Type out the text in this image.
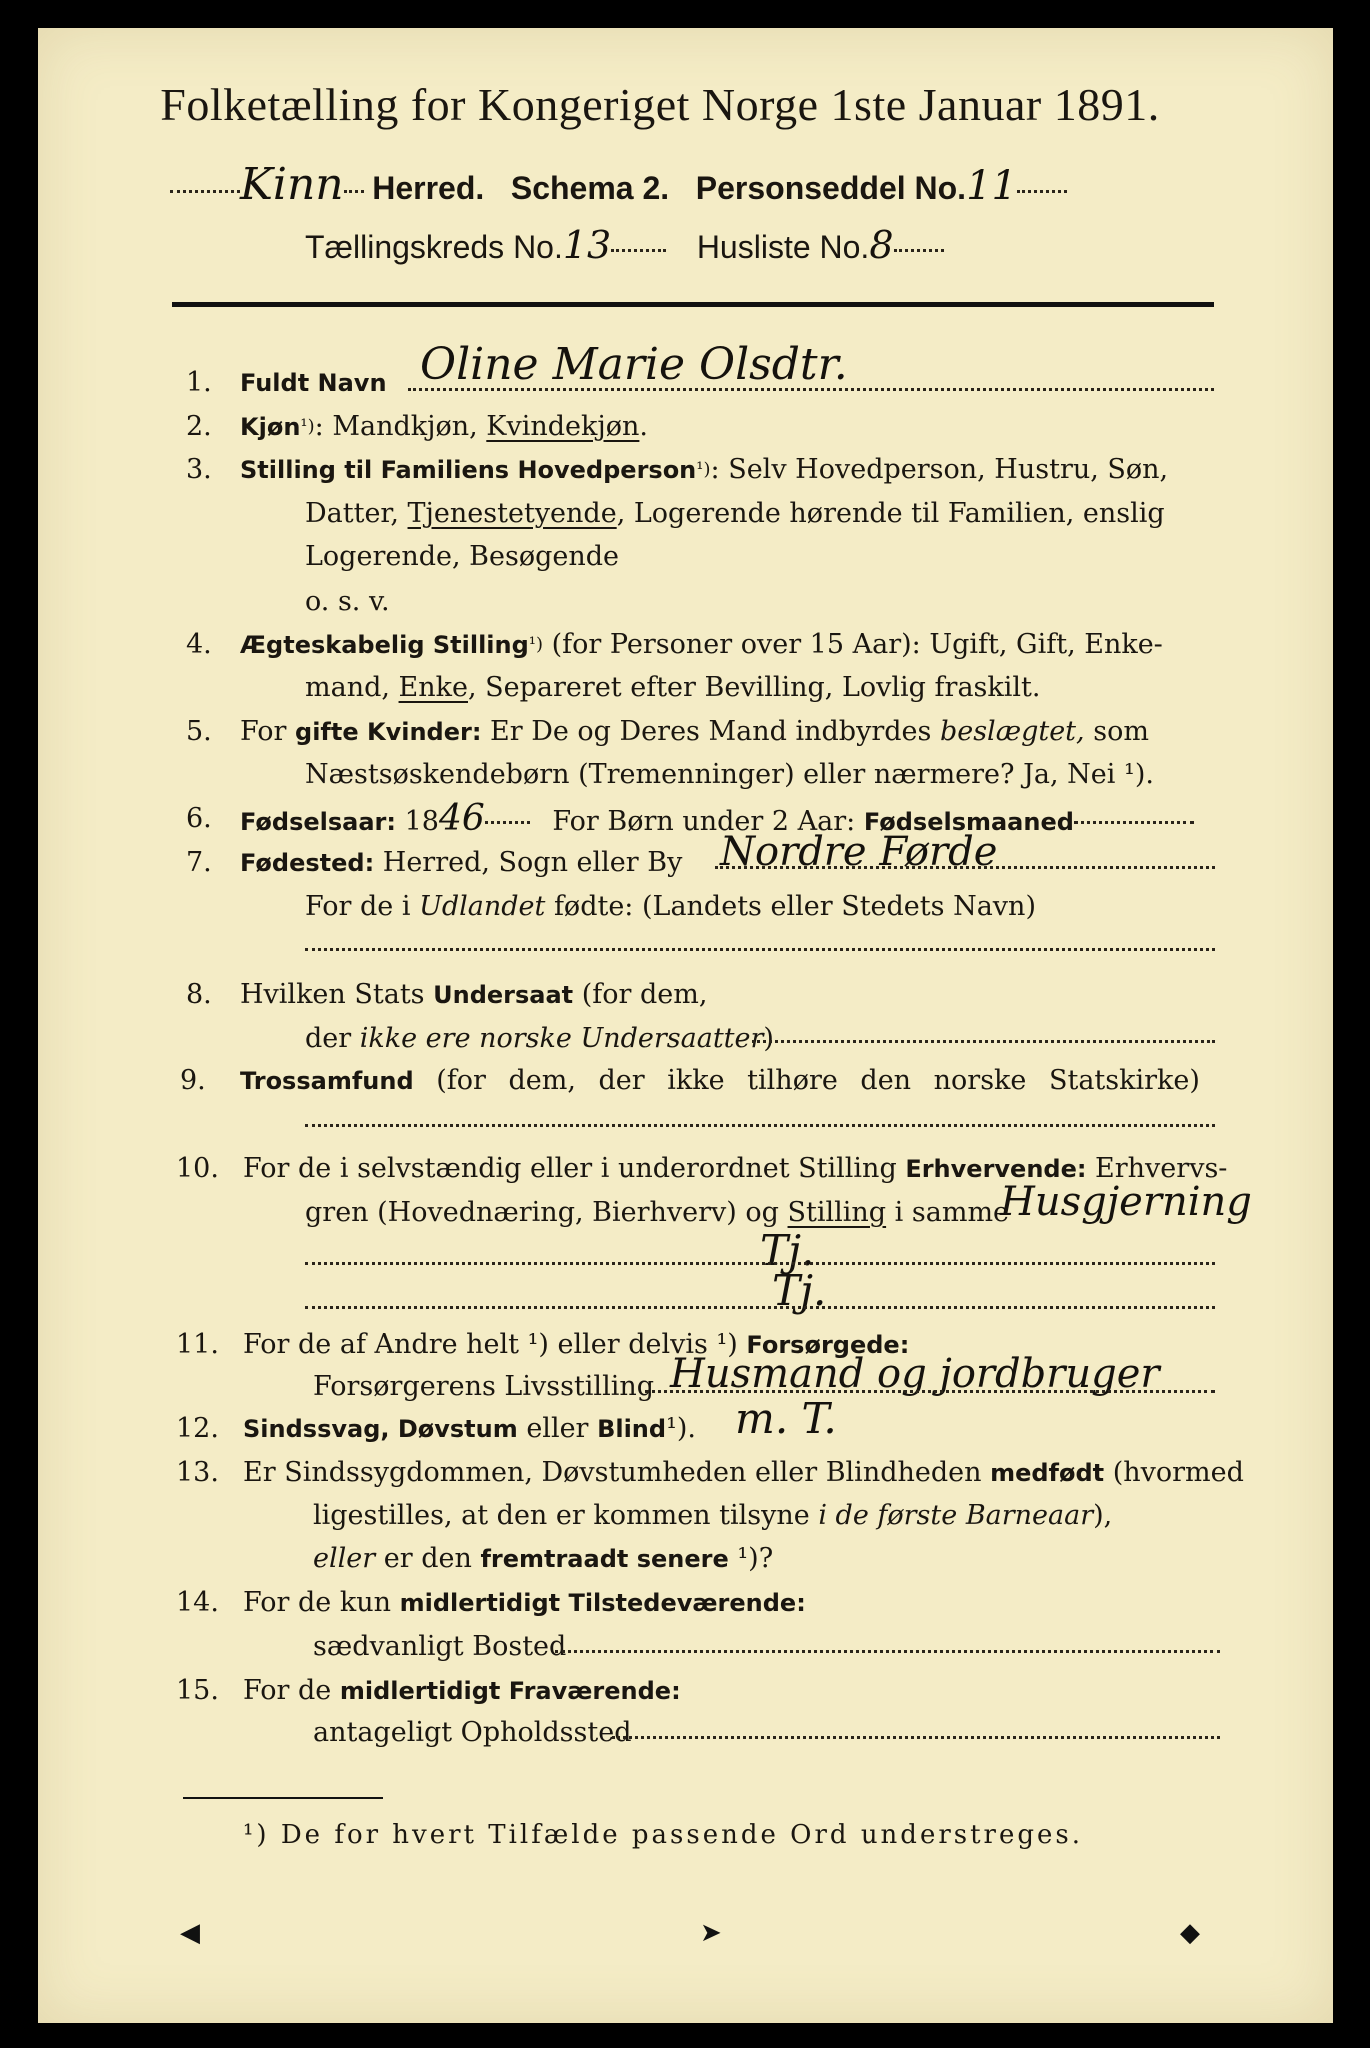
Folketælling for Kongeriget Norge 1ste Januar 1891.
Kinn Herred. Schema 2. Personseddel No.11
Tællingskreds No.13	Husliste No.8
1. Fuldt Navn Oline Marie Olsdtr.
2. Kjøn$^{^1)}$: Mandkjøn, Kvindekjøn.
3. Stilling til Familiens Hovedperson$^{^1)}$: Selv Hovedperson, Hustru, Søn,
Datter, Tjenestetyende, Logerende hørende til Familien, enslig
Logerende, Besøgende
o. s. v.
4. Ægteskabelig Stilling$^{^1)}$ (for Personer over 15 Aar): Ugift, Gift, Enke-
mand, Enke, Separeret efter Bevilling, Lovlig fraskilt.
5. For gifte Kvinder: Er De og Deres Mand indbyrdes beslægtet, som
Næstsøskendebørn (Tremenninger) eller nærmere? Ja, Nei ¹).
6. Fødselsaar: 1846	For Børn under 2 Aar: Fødselsmaaned
7. Fødested: Herred, Sogn eller By Nordre Førde
For de i Udlandet fødte: (Landets eller Stedets Navn)
8. Hvilken Stats Undersaat (for dem,
der ikke ere norske Undersaatter)
9. Trossamfund (for dem, der ikke tilhøre den norske Statskirke)
10. For de i selvstændig eller i underordnet Stilling Erhvervende: Erhvervs-
gren (Hovednæring, Bierhverv) og Stilling i samme
Husgjerning
Tj.
Tj.
11. For de af Andre helt ¹) eller delvis ¹) Forsørgede:
Forsørgerens Livsstilling Husmand og jordbruger
12. Sindssvag, Døvstum eller Blind¹). m. T.
13. Er Sindssygdommen, Døvstumheden eller Blindheden medfødt (hvormed
ligestilles, at den er kommen tilsyne i de første Barneaar),
eller er den fremtraadt senere ¹)?
14. For de kun midlertidigt Tilstedeværende:
sædvanligt Bosted
15. For de midlertidigt Fraværende:
antageligt Opholdssted
¹) De for hvert Tilfælde passende Ord understreges.
◀	➤	◆
